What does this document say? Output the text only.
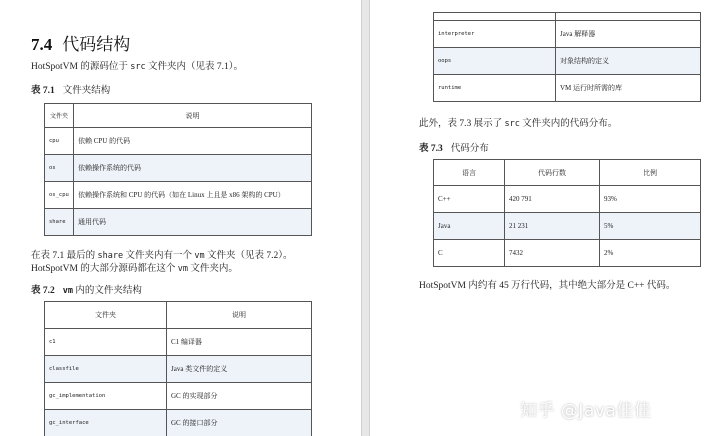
7.4 代码结构
HotSpotVM 的源码位于 src 文件夹内（见表 7.1）。
表 7.1 文件夹结构
文件夹	说明
cpu	依赖 CPU 的代码
os	依赖操作系统的代码
os_cpu	依赖操作系统和 CPU 的代码（如在 Linux 上且是 x86 架构的 CPU）
share	通用代码
在表 7.1 最后的 share 文件夹内有一个 vm 文件夹（见表 7.2）。
HotSpotVM 的大部分源码都在这个 vm 文件夹内。
表 7.2 vm 内的文件夹结构
文件夹	说明
c1	C1 编译器
classfile	Java 类文件的定义
gc_implementation	GC 的实现部分
gc_interface	GC 的接口部分

interpreter	Java 解释器
oops	对象结构的定义
runtime	VM 运行时所需的库
此外，表 7.3 展示了 src 文件夹内的代码分布。
表 7.3 代码分布
语言	代码行数	比例
C++	420 791	93%
Java	21 231	5%
C	7432	2%
HotSpotVM 内约有 45 万行代码，其中绝大部分是 C++ 代码。
知乎 @Java佳佳
